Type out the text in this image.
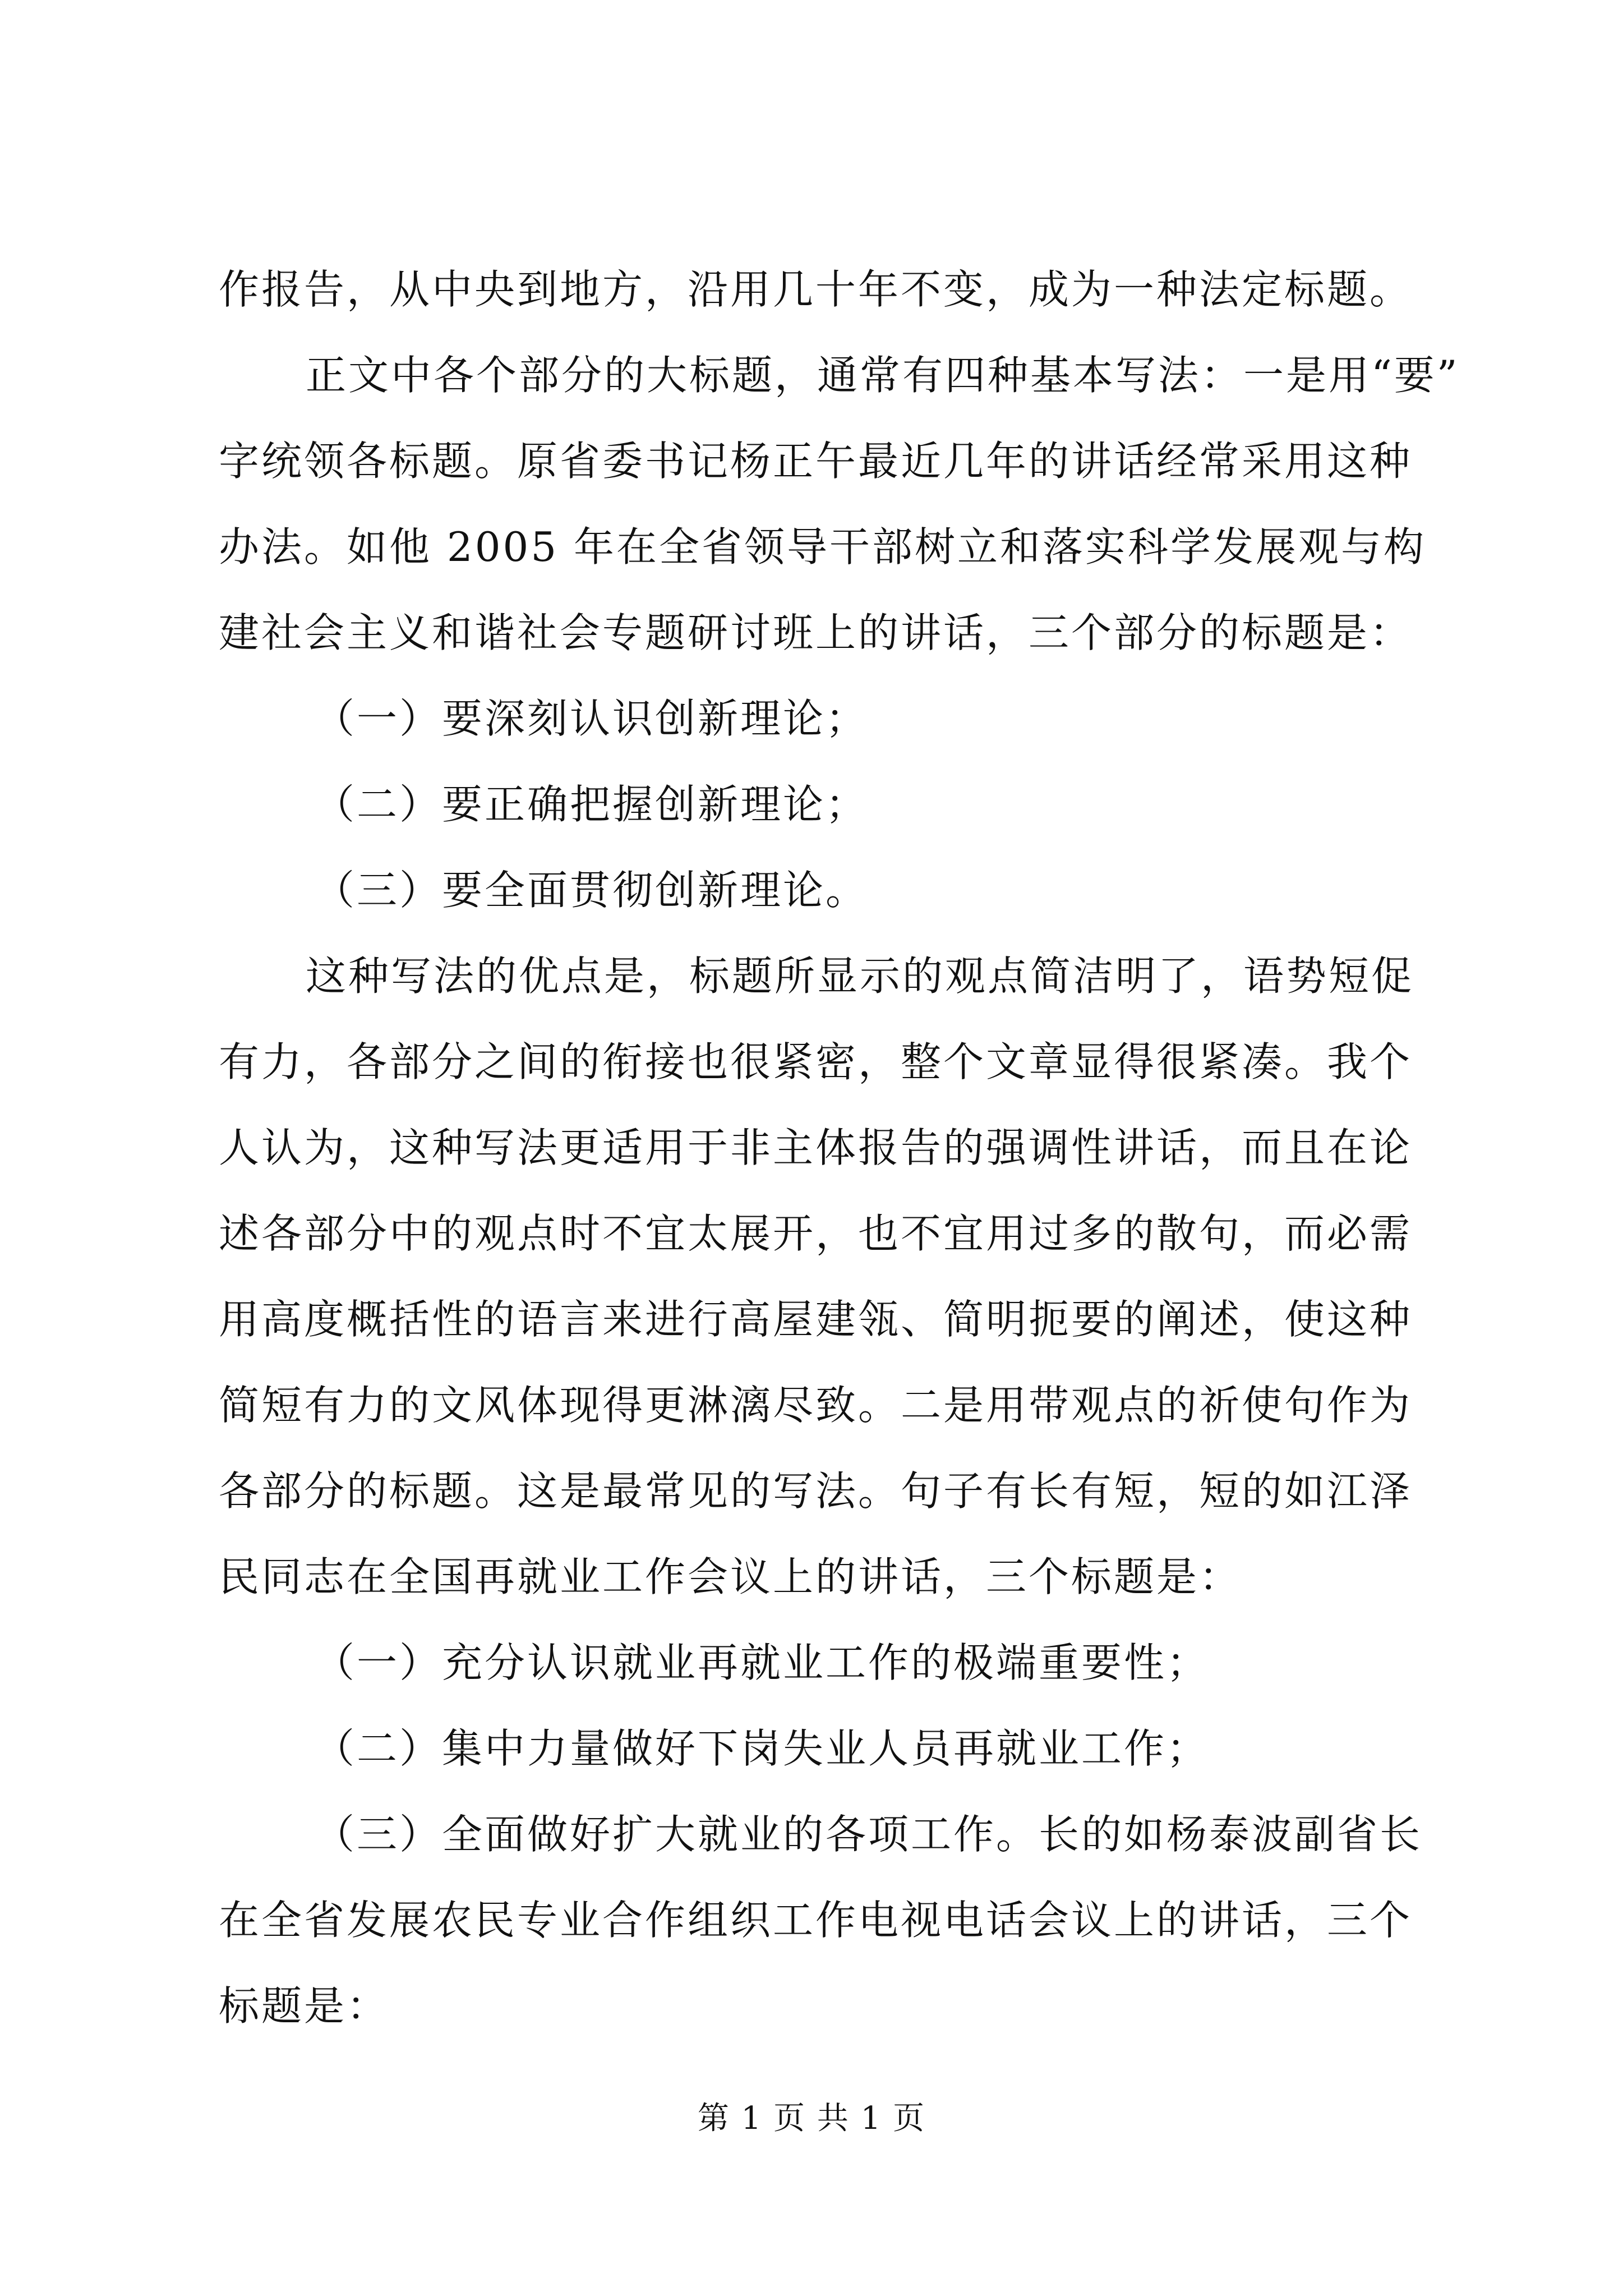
作报告，从中央到地方，沿用几十年不变，成为一种法定标题。
正文中各个部分的大标题，通常有四种基本写法：一是用“要”
字统领各标题。原省委书记杨正午最近几年的讲话经常采用这种
办法。如他 2005 年在全省领导干部树立和落实科学发展观与构
建社会主义和谐社会专题研讨班上的讲话，三个部分的标题是：
（一）要深刻认识创新理论；
（二）要正确把握创新理论；
（三）要全面贯彻创新理论。
这种写法的优点是，标题所显示的观点简洁明了，语势短促
有力，各部分之间的衔接也很紧密，整个文章显得很紧凑。我个
人认为，这种写法更适用于非主体报告的强调性讲话，而且在论
述各部分中的观点时不宜太展开，也不宜用过多的散句，而必需
用高度概括性的语言来进行高屋建瓴、简明扼要的阐述，使这种
简短有力的文风体现得更淋漓尽致。二是用带观点的祈使句作为
各部分的标题。这是最常见的写法。句子有长有短，短的如江泽
民同志在全国再就业工作会议上的讲话，三个标题是：
（一）充分认识就业再就业工作的极端重要性；
（二）集中力量做好下岗失业人员再就业工作；
（三）全面做好扩大就业的各项工作。长的如杨泰波副省长
在全省发展农民专业合作组织工作电视电话会议上的讲话，三个
标题是：
第 1 页 共 1 页
